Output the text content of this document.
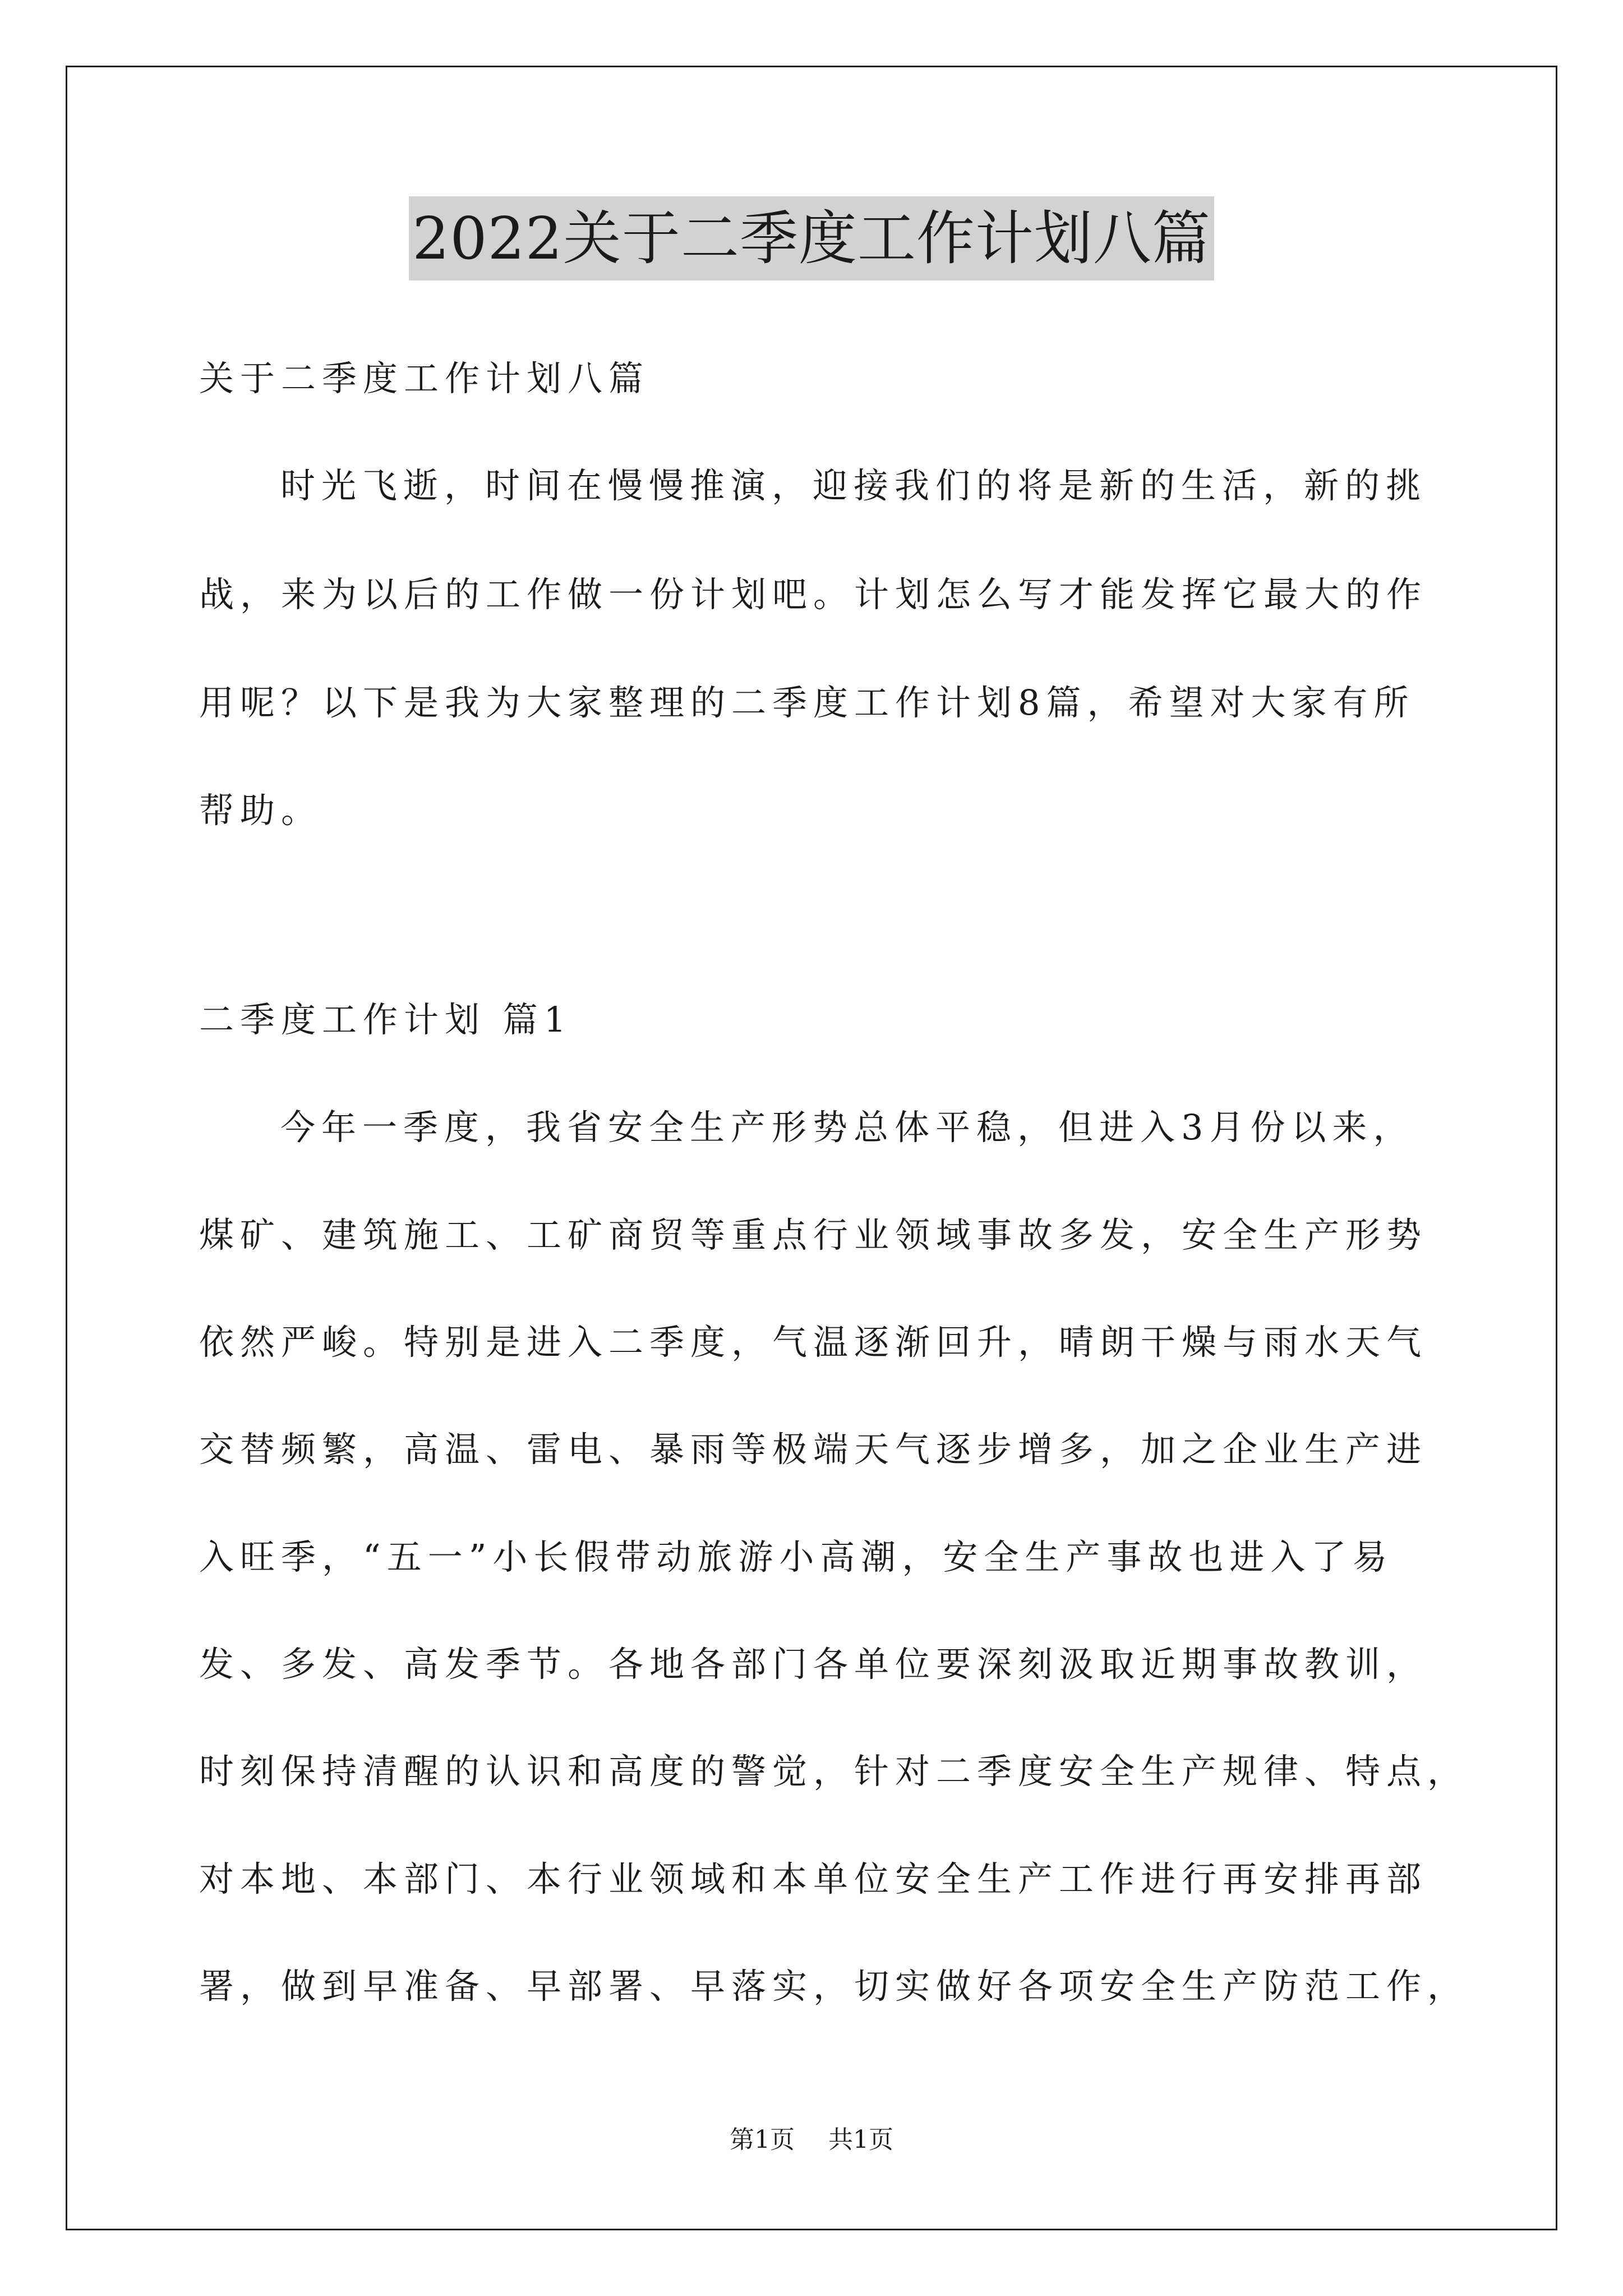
2022关于二季度工作计划八篇
关于二季度工作计划八篇
时光飞逝，时间在慢慢推演，迎接我们的将是新的生活，新的挑
战，来为以后的工作做一份计划吧。计划怎么写才能发挥它最大的作
用呢？以下是我为大家整理的二季度工作计划8篇，希望对大家有所
帮助。
二季度工作计划 篇1
今年一季度，我省安全生产形势总体平稳，但进入3月份以来，
煤矿、建筑施工、工矿商贸等重点行业领域事故多发，安全生产形势
依然严峻。特别是进入二季度，气温逐渐回升，晴朗干燥与雨水天气
交替频繁，高温、雷电、暴雨等极端天气逐步增多，加之企业生产进
入旺季，“五一”小长假带动旅游小高潮，安全生产事故也进入了易
发、多发、高发季节。各地各部门各单位要深刻汲取近期事故教训，
时刻保持清醒的认识和高度的警觉，针对二季度安全生产规律、特点，
对本地、本部门、本行业领域和本单位安全生产工作进行再安排再部
署，做到早准备、早部署、早落实，切实做好各项安全生产防范工作，
第1页 共1页
